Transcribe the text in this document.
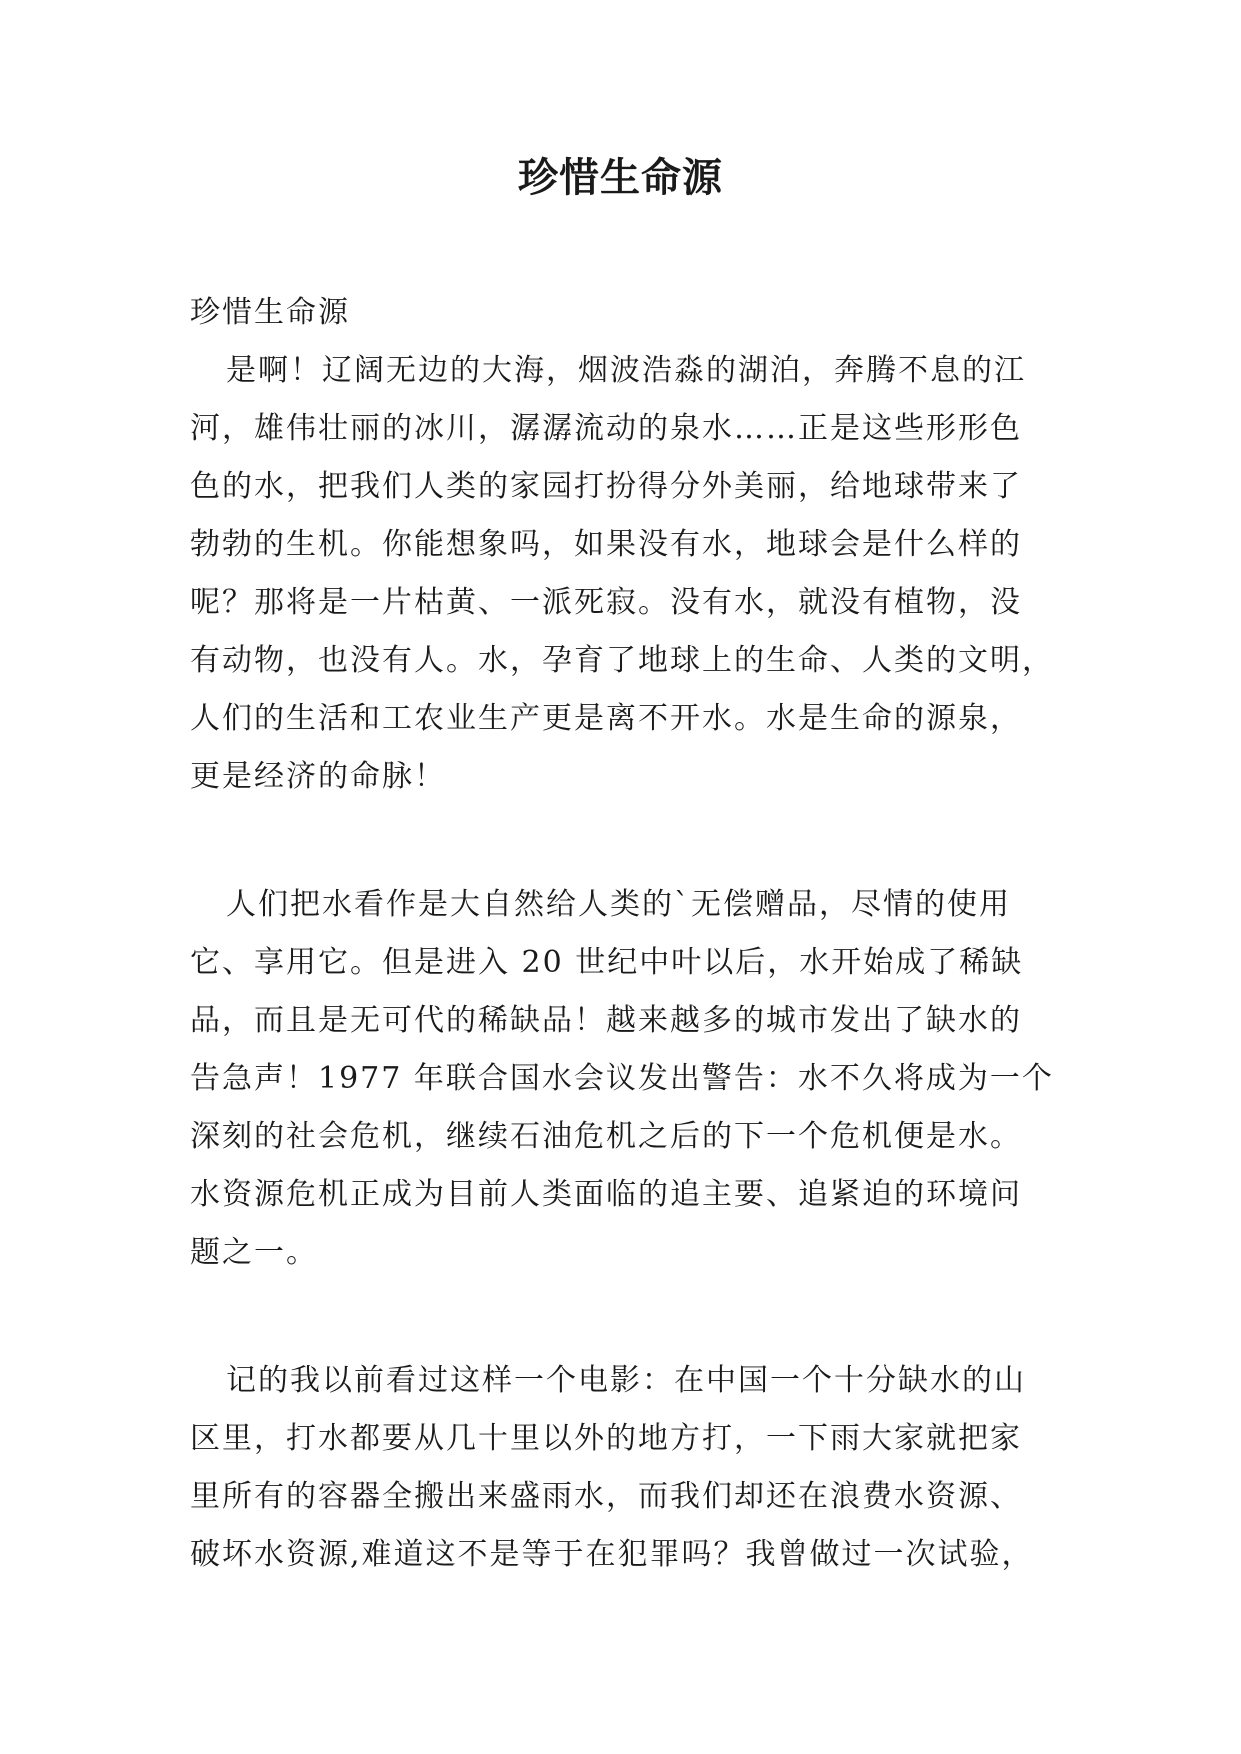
珍惜生命源
珍惜生命源
是啊！辽阔无边的大海，烟波浩淼的湖泊，奔腾不息的江
河，雄伟壮丽的冰川，潺潺流动的泉水……正是这些形形色
色的水，把我们人类的家园打扮得分外美丽，给地球带来了
勃勃的生机。你能想象吗，如果没有水，地球会是什么样的
呢？那将是一片枯黄、一派死寂。没有水，就没有植物，没
有动物，也没有人。水，孕育了地球上的生命、人类的文明，
人们的生活和工农业生产更是离不开水。水是生命的源泉，
更是经济的命脉！
人们把水看作是大自然给人类的`无偿赠品，尽情的使用
它、享用它。但是进入 20 世纪中叶以后，水开始成了稀缺
品，而且是无可代的稀缺品！越来越多的城市发出了缺水的
告急声！1977 年联合国水会议发出警告：水不久将成为一个
深刻的社会危机，继续石油危机之后的下一个危机便是水。
水资源危机正成为目前人类面临的追主要、追紧迫的环境问
题之一。
记的我以前看过这样一个电影：在中国一个十分缺水的山
区里，打水都要从几十里以外的地方打，一下雨大家就把家
里所有的容器全搬出来盛雨水，而我们却还在浪费水资源、
破坏水资源,难道这不是等于在犯罪吗？我曾做过一次试验，
